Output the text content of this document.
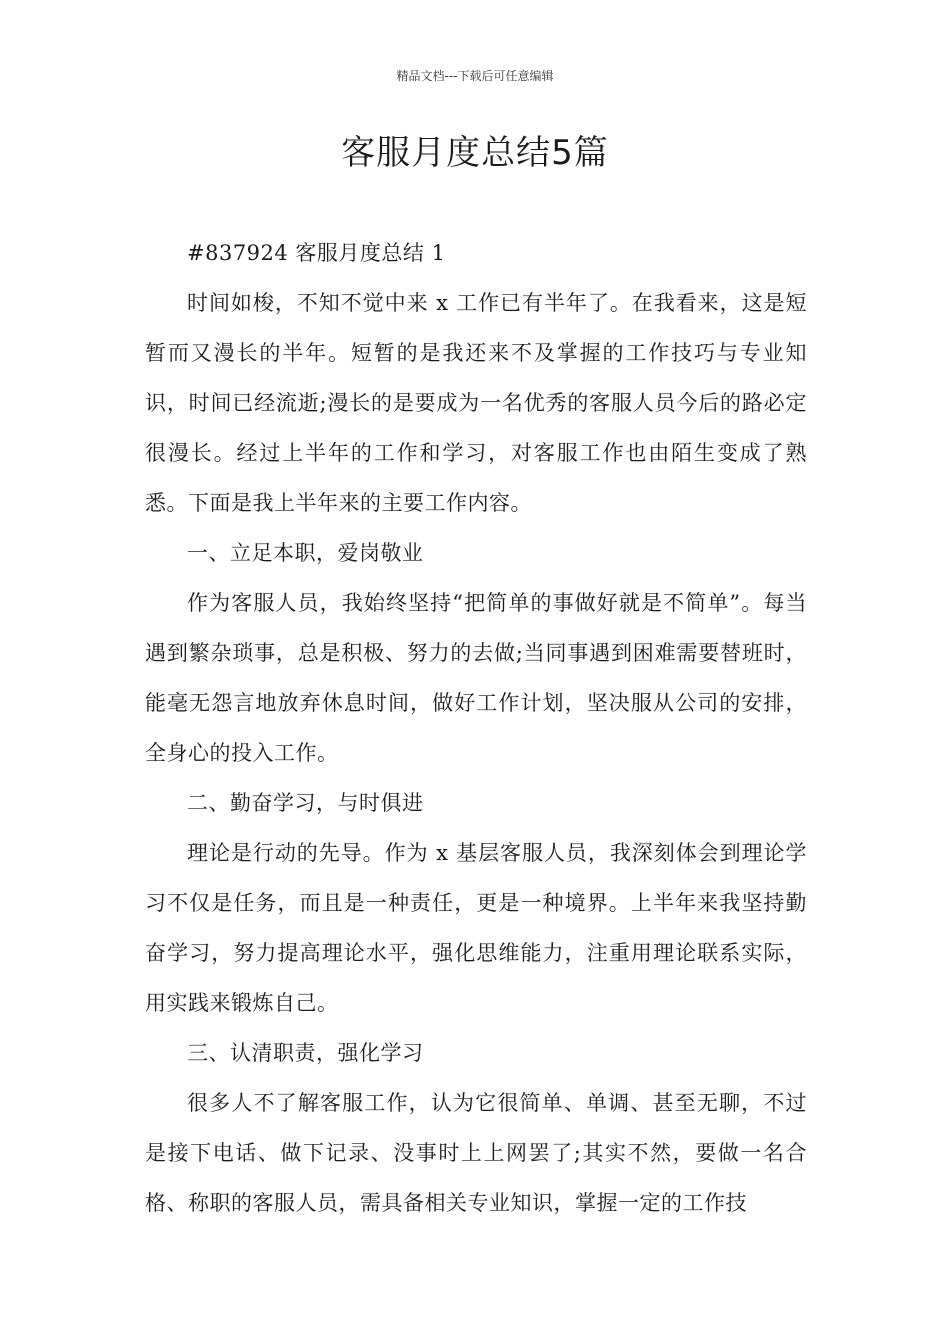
精品文档---下载后可任意编辑
客服月度总结5篇

#837924 客服月度总结 1

时间如梭，不知不觉中来 x 工作已有半年了。在我看来，这是短暂而又漫长的半年。短暂的是我还来不及掌握的工作技巧与专业知识，时间已经流逝;漫长的是要成为一名优秀的客服人员今后的路必定很漫长。经过上半年的工作和学习，对客服工作也由陌生变成了熟悉。下面是我上半年来的主要工作内容。

一、立足本职，爱岗敬业

作为客服人员，我始终坚持“把简单的事做好就是不简单”。每当遇到繁杂琐事，总是积极、努力的去做;当同事遇到困难需要替班时，能毫无怨言地放弃休息时间，做好工作计划，坚决服从公司的安排，全身心的投入工作。

二、勤奋学习，与时俱进

理论是行动的先导。作为 x 基层客服人员，我深刻体会到理论学习不仅是任务，而且是一种责任，更是一种境界。上半年来我坚持勤奋学习，努力提高理论水平，强化思维能力，注重用理论联系实际，用实践来锻炼自己。

三、认清职责，强化学习

很多人不了解客服工作，认为它很简单、单调、甚至无聊，不过是接下电话、做下记录、没事时上上网罢了;其实不然，要做一名合格、称职的客服人员，需具备相关专业知识，掌握一定的工作技
